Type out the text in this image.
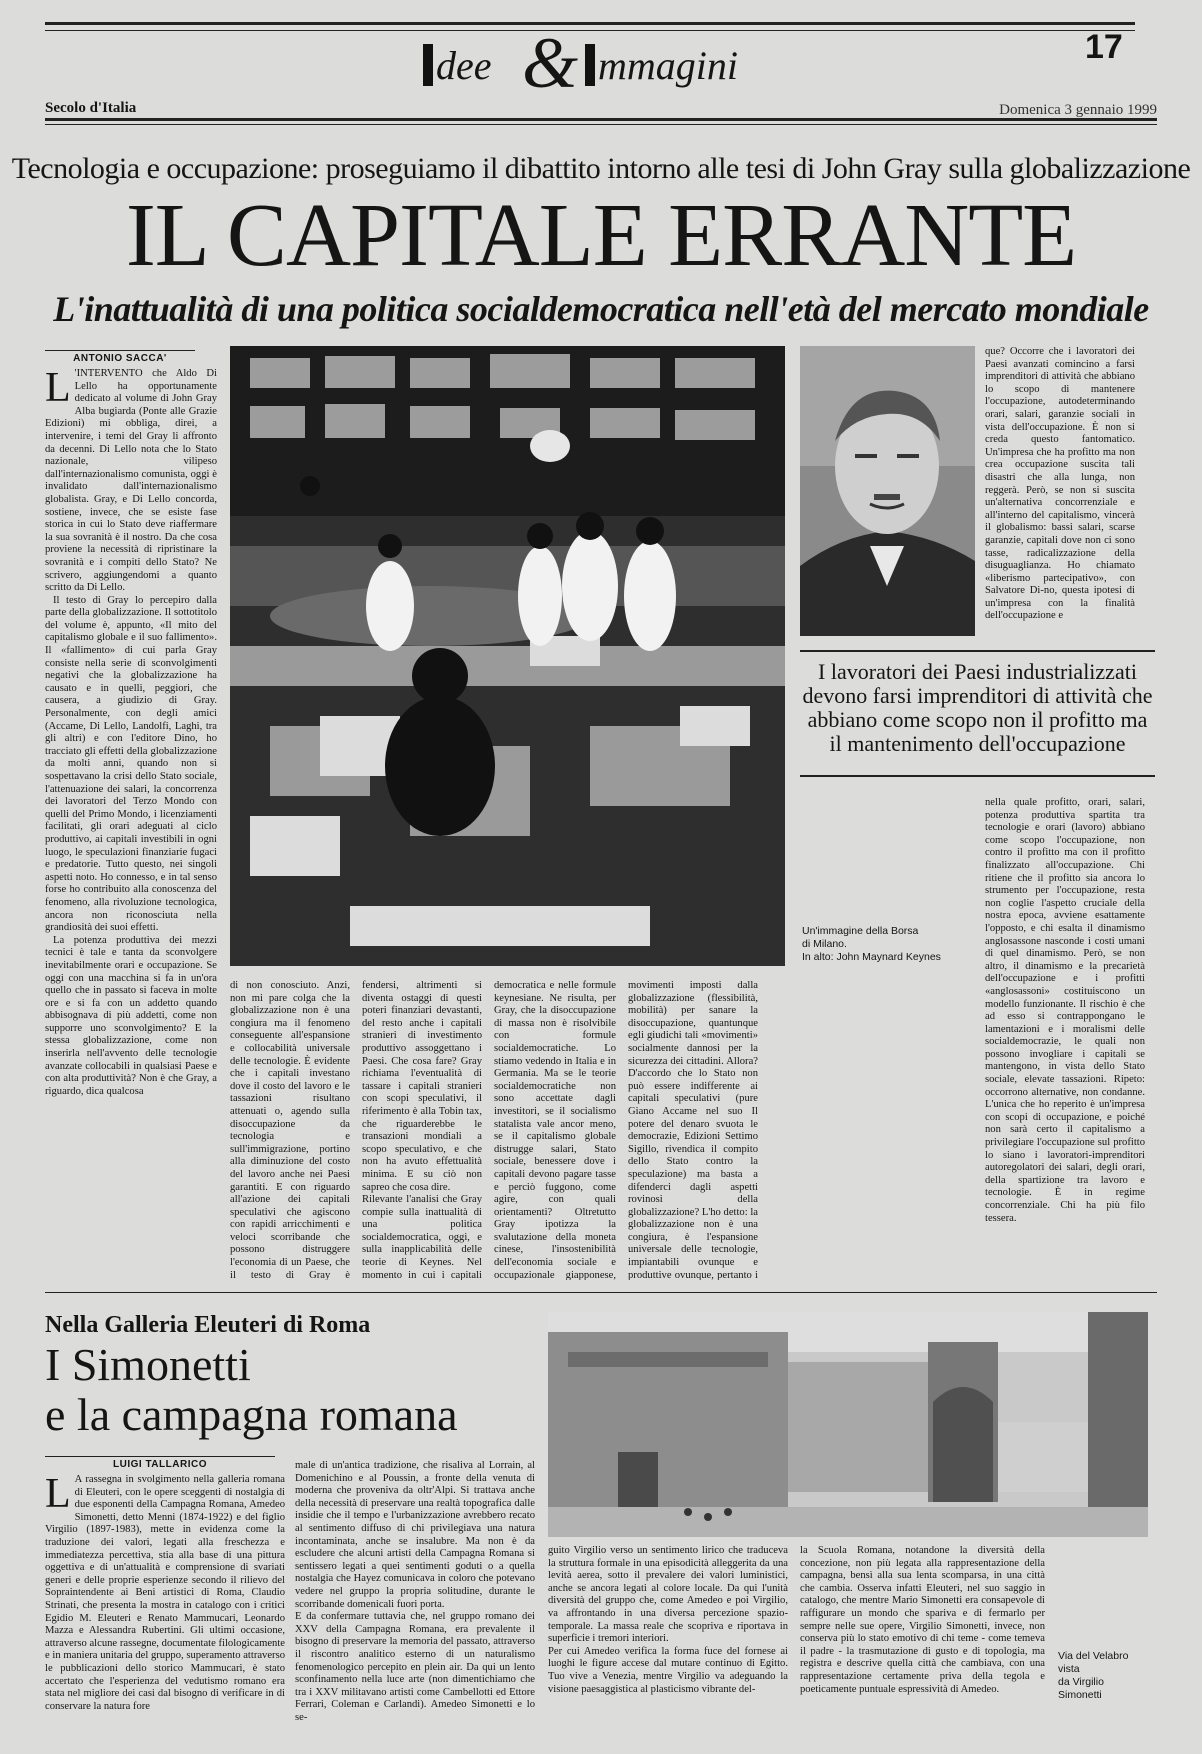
dee & mmagini	17
Secolo d'Italia	Domenica 3 gennaio 1999
Tecnologia e occupazione: proseguiamo il dibattito intorno alle tesi di John Gray sulla globalizzazione
IL CAPITALE ERRANTE
L'inattualità di una politica socialdemocratica nell'età del mercato mondiale
ANTONIO SACCA'
L 'INTERVENTO che Aldo Di Lello ha opportunamente dedicato al volume di John Gray Alba bugiarda (Ponte alle Grazie Edizioni) mi obbliga, direi, a intervenire, i temi del Gray li affronto da decenni. Di Lello nota che lo Stato nazionale, vilipeso dall'internazionalismo comunista, oggi è invalidato dall'internazionalismo globalista. Gray, e Di Lello concorda, sostiene, invece, che se esiste fase storica in cui lo Stato deve riaffermare la sua sovranità è il nostro. Da che cosa proviene la necessità di ripristinare la sovranità e i compiti dello Stato? Ne scrivero, aggiungendomi a quanto scritto da Di Lello.

Il testo di Gray lo percepiro dalla parte della globalizzazione. Il sottotitolo del volume è, appunto, «Il mito del capitalismo globale e il suo fallimento». Il «fallimento» di cui parla Gray consiste nella serie di sconvolgimenti negativi che la globalizzazione ha causato e in quelli, peggiori, che causera, a giudizio di Gray. Personalmente, con degli amici (Accame, Di Lello, Landolfi, Laghi, tra gli altri) e con l'editore Dino, ho tracciato gli effetti della globalizzazione da molti anni, quando non si sospettavano la crisi dello Stato sociale, l'attenuazione dei salari, la concorrenza dei lavoratori del Terzo Mondo con quelli del Primo Mondo, i licenziamenti facilitati, gli orari adeguati al ciclo produttivo, ai capitali investibili in ogni luogo, le speculazioni finanziarie fugaci e predatorie. Tutto questo, nei singoli aspetti noto. Ho connesso, e in tal senso forse ho contribuito alla conoscenza del fenomeno, alla rivoluzione tecnologica, ancora non riconosciuta nella grandiosità dei suoi effetti.

La potenza produttiva dei mezzi tecnici è tale e tanta da sconvolgere inevitabilmente orari e occupazione. Se oggi con una macchina si fa in un'ora quello che in passato si faceva in molte ore e si fa con un addetto quando abbisognava di più addetti, come non supporre uno sconvolgimento? E la stessa globalizzazione, come non inserirla nell'avvento delle tecnologie avanzate collocabili in qualsiasi Paese e con alta produttività? Non è che Gray, a riguardo, dica qualcosa

que? Occorre che i lavoratori dei Paesi avanzati comincino a farsi imprenditori di attività che abbiano lo scopo di mantenere l'occupazione, autodeterminando orari, salari, garanzie sociali in vista dell'occupazione. È non si creda questo fantomatico. Un'impresa che ha profitto ma non crea occupazione suscita tali disastri che alla lunga, non reggerà. Però, se non si suscita un'alternativa concorrenziale e all'interno del capitalismo, vincerà il globalismo: bassi salari, scarse garanzie, capitali dove non ci sono tasse, radicalizzazione della disuguaglianza. Ho chiamato «liberismo partecipativo», con Salvatore Di-no, questa ipotesi di un'impresa con la finalità dell'occupazione e

I lavoratori dei Paesi industrializzati devono farsi imprenditori di attività che abbiano come scopo non il profitto ma il mantenimento dell'occupazione
Un'immagine della Borsa
di Milano.
In alto: John Maynard Keynes

nella quale profitto, orari, salari, potenza produttiva spartita tra tecnologie e orari (lavoro) abbiano come scopo l'occupazione, non contro il profitto ma con il profitto finalizzato all'occupazione. Chi ritiene che il profitto sia ancora lo strumento per l'occupazione, resta non coglie l'aspetto cruciale della nostra epoca, avviene esattamente l'opposto, e chi esalta il dinamismo anglosassone nasconde i costi umani di quel dinamismo. Però, se non altro, il dinamismo e la precarietà dell'occupazione e i profitti «anglosassoni» costituiscono un modello funzionante. Il rischio è che ad esso si contrappongano le lamentazioni e i moralismi delle socialdemocrazie, le quali non possono invogliare i capitali se mantengono, in vista dello Stato sociale, elevate tassazioni. Ripeto: occorrono alternative, non condanne. L'unica che ho reperito è un'impresa con scopi di occupazione, e poiché non sarà certo il capitalismo a privilegiare l'occupazione sul profitto lo siano i lavoratori-imprenditori autoregolatori dei salari, degli orari, della spartizione tra lavoro e tecnologie. È in regime concorrenziale. Chi ha più filo tessera.

di non conosciuto. Anzi, non mi pare colga che la globalizzazione non è una congiura ma il fenomeno conseguente all'espansione e collocabilità universale delle tecnologie. È evidente che i capitali investano dove il costo del lavoro e le tassazioni risultano attenuati o, agendo sulla disoccupazione da tecnologia e sull'immigrazione, portino alla diminuzione del costo del lavoro anche nei Paesi garantiti. E con riguardo all'azione dei capitali speculativi che agiscono con rapidi arricchimenti e veloci scorribande che possono distruggere l'economia di un Paese, che il testo di Gray è

fendersi, altrimenti si diventa ostaggi di questi poteri finanziari devastanti, del resto anche i capitali stranieri di investimento produttivo assoggettano i Paesi. Che cosa fare? Gray richiama l'eventualità di tassare i capitali stranieri con scopi speculativi, il riferimento è alla Tobin tax, che riguarderebbe le transazioni mondiali a scopo speculativo, e che non ha avuto effettualità minima. E su ciò non sapreo che cosa dire.
Rilevante l'analisi che Gray compie sulla inattualità di una politica socialdemocratica, oggi, e sulla inapplicabilità delle teorie di Keynes. Nel momento in cui i capitali

democratica e nelle formule keynesiane. Ne risulta, per Gray, che la disoccupazione di massa non è risolvibile con formule socialdemocratiche. Lo stiamo vedendo in Italia e in Germania. Ma se le teorie socialdemocratiche non sono accettate dagli investitori, se il socialismo statalista vale ancor meno, se il capitalismo globale distrugge salari, Stato sociale, benessere dove i capitali devono pagare tasse e perciò fuggono, come agire, con quali orientamenti? Oltretutto Gray ipotizza la svalutazione della moneta cinese, l'insostenibilità dell'economia sociale e occupazionale giapponese,

movimenti imposti dalla globalizzazione (flessibilità, mobilità) per sanare la disoccupazione, quantunque egli giudichi tali «movimenti» socialmente dannosi per la sicurezza dei cittadini. Allora? D'accordo che lo Stato non può essere indifferente ai capitali speculativi (pure Giano Accame nel suo Il potere del denaro svuota le democrazie, Edizioni Settimo Sigillo, rivendica il compito dello Stato contro la speculazione) ma basta a difenderci dagli aspetti rovinosi della globalizzazione? L'ho detto: la globalizzazione non è una congiura, è l'espansione universale delle tecnologie, impiantabili ovunque e produttive ovunque, pertanto i

Nella Galleria Eleuteri di Roma
I Simonetti
e la campagna romana
LUIGI TALLARICO
L A rassegna in svolgimento nella galleria romana di Eleuteri, con le opere sceggenti di nostalgia di due esponenti della Campagna Romana, Amedeo Simonetti, detto Menni (1874-1922) e del figlio Virgilio (1897-1983), mette in evidenza come la traduzione dei valori, legati alla freschezza e immediatezza percettiva, stia alla base di una pittura oggettiva e di un'attualità e comprensione di svariati generi e delle proprie esperienze secondo il rilievo del Sopraintendente ai Beni artistici di Roma, Claudio Strinati, che presenta la mostra in catalogo con i critici Egidio M. Eleuteri e Renato Mammucari, Leonardo Mazza e Alessandra Rubertini. Gli ultimi occasione, attraverso alcune rassegne, documentate filologicamente e in maniera unitaria del gruppo, superamento attraverso le pubblicazioni dello storico Mammucari, è stato accertato che l'esperienza del vedutismo romano era stata nel migliore dei casi dal bisogno di verificare in di conservare la natura fore

male di un'antica tradizione, che risaliva al Lorrain, al Domenichino e al Poussin, a fronte della venuta di moderna che proveniva da oltr'Alpi. Si trattava anche della necessità di preservare una realtà topografica dalle insidie che il tempo e l'urbanizzazione avrebbero recato al sentimento diffuso di chi privilegiava una natura incontaminata, anche se insalubre. Ma non è da escludere che alcuni artisti della Campagna Romana si sentissero legati a quei sentimenti goduti o a quella nostalgia che Hayez comunicava in coloro che potevano vedere nel gruppo la propria solitudine, durante le scorribande domenicali fuori porta.
E da confermare tuttavia che, nel gruppo romano dei XXV della Campagna Romana, era prevalente il bisogno di preservare la memoria del passato, attraverso il riscontro analitico esterno di un naturalismo fenomenologico percepito en plein air. Da qui un lento sconfinamento nella luce arte (non dimentichiamo che tra i XXV militavano artisti come Cambellotti ed Ettore Ferrari, Coleman e Carlandi). Amedeo Simonetti e lo se-

guito Virgilio verso un sentimento lirico che traduceva la struttura formale in una episodicità alleggerita da una levità aerea, sotto il prevalere dei valori luministici, anche se ancora legati al colore locale. Da qui l'unità diversità del gruppo che, come Amedeo e poi Virgilio, va affrontando in una diversa percezione spazio-temporale. La massa reale che scopriva e riportava in superficie i tremori interiori.
Per cui Amedeo verifica la forma fuce del fornese ai luoghi le figure accese dal mutare continuo di Egitto. Tuo vive a Venezia, mentre Virgilio va adeguando la visione paesaggistica al plasticismo vibrante del-

la Scuola Romana, notandone la diversità della concezione, non più legata alla rappresentazione della campagna, bensì alla sua lenta scomparsa, in una città che cambia. Osserva infatti Eleuteri, nel suo saggio in catalogo, che mentre Mario Simonetti era consapevole di raffigurare un mondo che spariva e di fermarlo per sempre nelle sue opere, Virgilio Simonetti, invece, non conserva più lo stato emotivo di chi teme - come temeva il padre - la trasmutazione di gusto e di topologia, ma registra e descrive quella città che cambiava, con una rappresentazione certamente priva della tegola e poeticamente puntuale espressività di Amedeo.

Via del Velabro
vista
da Virgilio
Simonetti
